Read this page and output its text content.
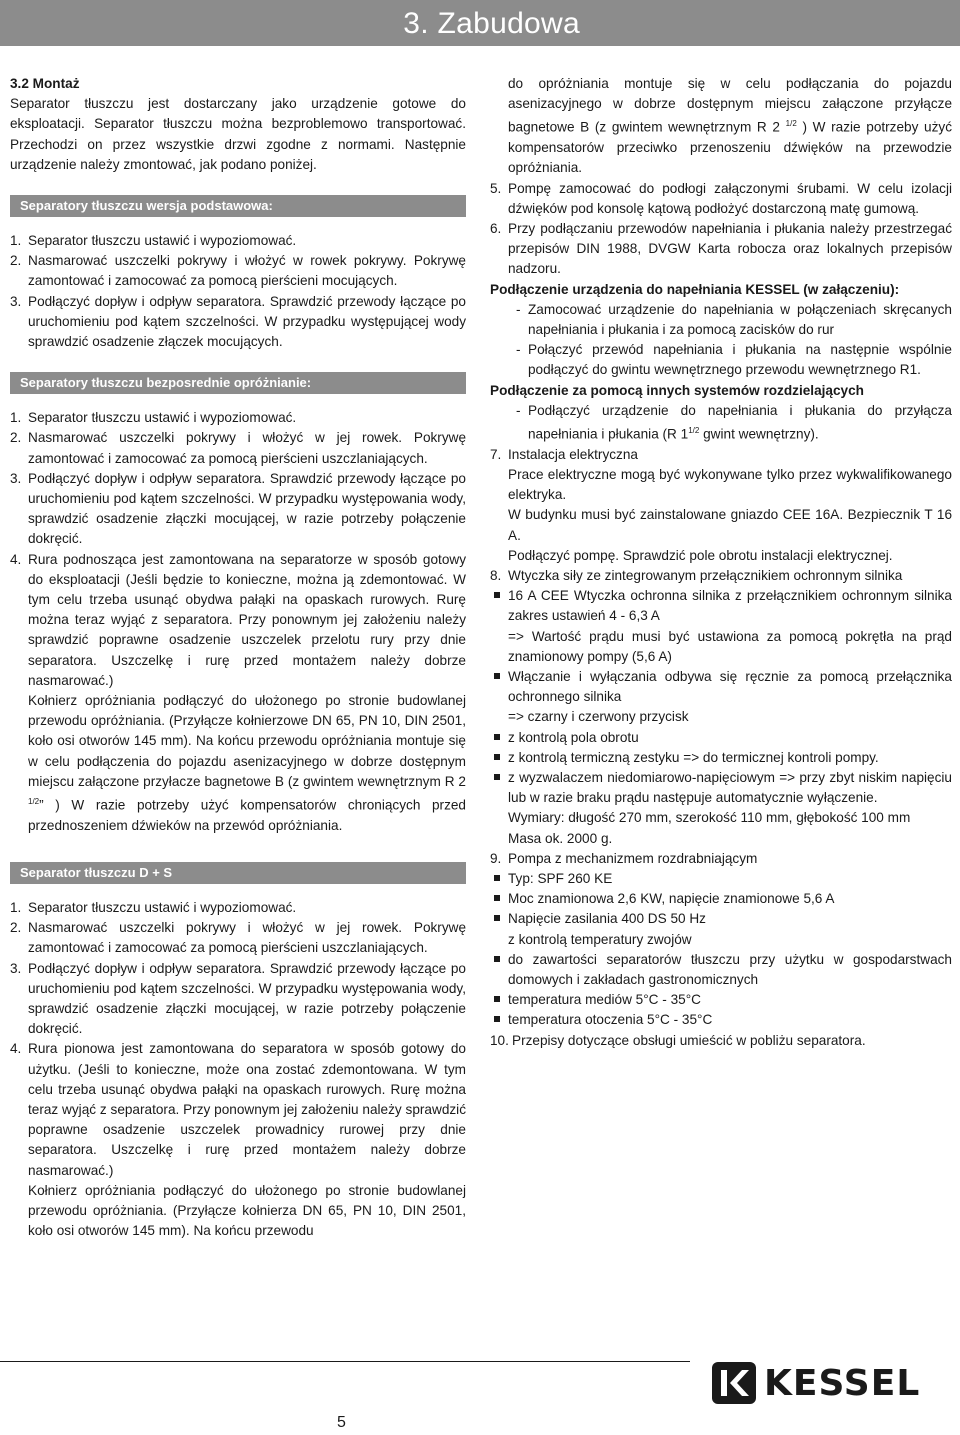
3. Zabudowa

3.2 Montaż

Separator tłuszczu jest dostarczany jako urządzenie gotowe do eksploatacji. Separator tłuszczu można bezproblemowo transportować. Przechodzi on przez wszystkie drzwi zgodne z normami. Następnie urządzenie należy zmontować, jak podano poniżej.

Separatory tłuszczu wersja podstawowa:
1. Separator tłuszczu ustawić i wypoziomować.
2. Nasmarować uszczelki pokrywy i włożyć w rowek pokrywy. Pokrywę zamontować i zamocować za pomocą pierścieni mocujących.
3. Podłączyć dopływ i odpływ separatora. Sprawdzić przewody łączące po uruchomieniu pod kątem szczelności. W przypadku występującej wody sprawdzić osadzenie złączek mocujących.
Separatory tłuszczu bezposrednie opróżnianie:
1. Separator tłuszczu ustawić i wypoziomować.
2. Nasmarować uszczelki pokrywy i włożyć w jej rowek. Pokrywę zamontować i zamocować za pomocą pierścieni uszczlaniających.
3. Podłączyć dopływ i odpływ separatora. Sprawdzić przewody łączące po uruchomieniu pod kątem szczelności. W przypadku występowania wody, sprawdzić osadzenie złączki mocującej, w razie potrzeby połączenie dokręcić.
4. Rura podnosząca jest zamontowana na separatorze w sposób gotowy do eksploatacji (Jeśli będzie to konieczne, można ją zdemontować. W tym celu trzeba usunąć obydwa pałąki na opaskach rurowych. Rurę można teraz wyjąć z separatora. Przy ponownym jej założeniu należy sprawdzić poprawne osadzenie uszczelek przelotu rury przy dnie separatora. Uszczelkę i rurę przed montażem należy dobrze nasmarować.)
Kołnierz opróżniania podłączyć do ułożonego po stronie budowlanej przewodu opróżniania. (Przyłącze kołnierzowe DN 65, PN 10, DIN 2501, koło osi otworów 145 mm). Na końcu przewodu opróżniania montuje się w celu podłączenia do pojazdu asenizacyjnego w dobrze dostępnym miejscu załączone przyłacze bagnetowe B (z gwintem wewnętrznym R 2 $^{1/2}$” ) W razie potrzeby użyć kompensatorów chroniących przed przednoszeniem dźwieków na przewód opróżniania.
Separator tłuszczu D + S
1. Separator tłuszczu ustawić i wypoziomować.
2. Nasmarować uszczelki pokrywy i włożyć w jej rowek. Pokrywę zamontować i zamocować za pomocą pierścieni uszczlaniających.
3. Podłączyć dopływ i odpływ separatora. Sprawdzić przewody łączące po uruchomieniu pod kątem szczelności. W przypadku występowania wody, sprawdzić osadzenie złączki mocującej, w razie potrzeby połączenie dokręcić.
4. Rura pionowa jest zamontowana do separatora w sposób gotowy do użytku. (Jeśli to konieczne, może ona zostać zdemontowana. W tym celu trzeba usunąć obydwa pałąki na opaskach rurowych. Rurę można teraz wyjąć z separatora. Przy ponownym jej założeniu należy sprawdzić poprawne osadzenie uszczelek prowadnicy rurowej przy dnie separatora. Uszczelkę i rurę przed montażem należy dobrze nasmarować.)
Kołnierz opróżniania podłączyć do ułożonego po stronie budowlanej przewodu opróżniania. (Przyłącze kołnierza DN 65, PN 10, DIN 2501, koło osi otworów 145 mm). Na końcu przewodu
do opróżniania montuje się w celu podłączania do pojazdu asenizacyjnego w dobrze dostępnym miejscu załączone przyłącze bagnetowe B (z gwintem wewnętrznym R 2 $^{1/2}$ ) W razie potrzeby użyć kompensatorów przeciwko przenoszeniu dźwięków na przewodzie opróżniania.
5. Pompę zamocować do podłogi załączonymi śrubami. W celu izolacji dźwięków pod konsolę kątową podłożyć dostarczoną matę gumową.
6. Przy podłączaniu przewodów napełniania i płukania należy przestrzegać przepisów DIN 1988, DVGW Karta robocza oraz lokalnych przepisów nadzoru.

Podłączenie urządzenia do napełniania KESSEL (w załączeniu):

- Zamocować urządzenie do napełniania w połączeniach skręcanych napełniania i płukania i za pomocą zacisków do rur
- Połączyć przewód napełniania i płukania na następnie wspólnie podłączyć do gwintu wewnętrznego przewodu wewnętrznego R1.

Podłączenie za pomocą innych systemów rozdzielających

- Podłączyć urządzenie do napełniania i płukania do przyłącza napełniania i płukania (R $1^{1/2}$ gwint wewnętrzny).
7. Instalacja elektryczna
Prace elektryczne mogą być wykonywane tylko przez wykwalifikowanego elektryka.
W budynku musi być zainstalowane gniazdo CEE 16A. Bezpiecznik T 16 A.
Podłączyć pompę. Sprawdzić pole obrotu instalacji elektrycznej.
8. Wtyczka siły ze zintegrowanym przełącznikiem ochronnym silnika
16 A CEE Wtyczka ochronna silnika z przełącznikiem ochronnym silnika zakres ustawień 4 - 6,3 A
=> Wartość prądu musi być ustawiona za pomocą pokrętła na prąd znamionowy pompy (5,6 A)
Włączanie i wyłączania odbywa się ręcznie za pomocą przełącznika ochronnego silnika
=> czarny i czerwony przycisk
z kontrolą pola obrotu
z kontrolą termiczną zestyku => do termicznej kontroli pompy.
z wyzwalaczem niedomiarowo-napięciowym => przy zbyt niskim napięciu lub w razie braku prądu następuje automatycznie wyłączenie.
Wymiary: długość 270 mm, szerokość 110 mm, głębokość 100 mm
Masa ok. 2000 g.
9. Pompa z mechanizmem rozdrabniającym
Typ: SPF 260 KE
Moc znamionowa 2,6 KW, napięcie znamionowe 5,6 A
Napięcie zasilania 400 DS 50 Hz
z kontrolą temperatury zwojów
do zawartości separatorów tłuszczu przy użytku w gospodarstwach domowych i zakładach gastronomicznych
temperatura mediów 5°C - 35°C
temperatura otoczenia 5°C - 35°C
10. Przepisy dotyczące obsługi umieścić w pobliżu separatora.
5
KESSEL
